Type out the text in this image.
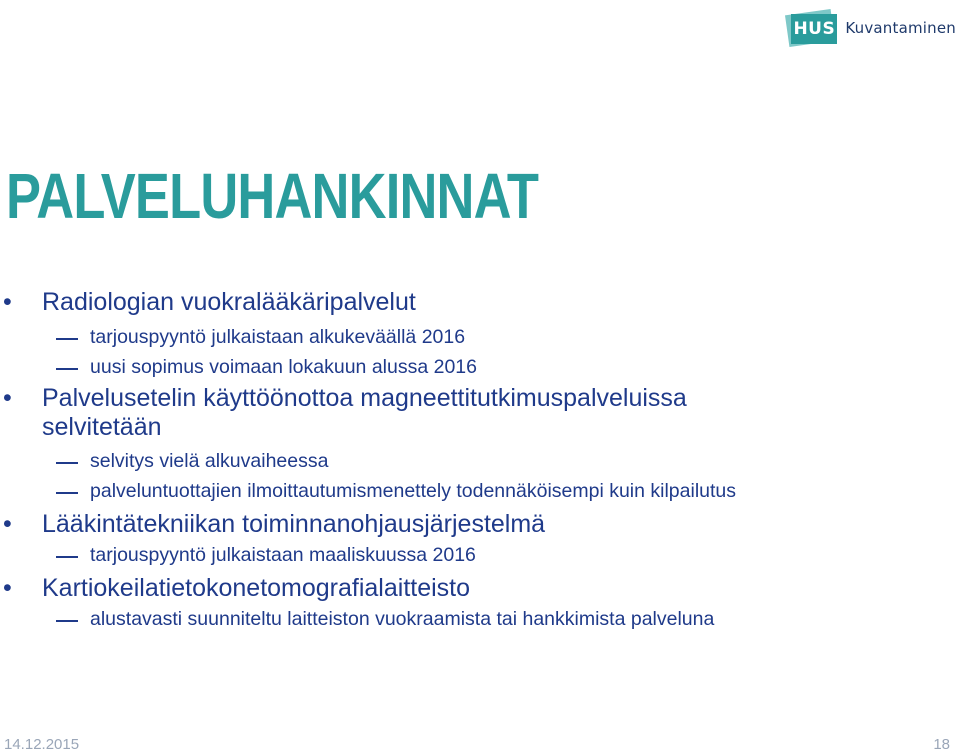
HUS Kuvantaminen
PALVELUHANKINNAT
• Radiologian vuokralääkäripalvelut
tarjouspyyntö julkaistaan alkukeväällä 2016
uusi sopimus voimaan lokakuun alussa 2016
• Palvelusetelin käyttöönottoa magneettitutkimuspalveluissa
selvitetään
selvitys vielä alkuvaiheessa
palveluntuottajien ilmoittautumismenettely todennäköisempi kuin kilpailutus
• Lääkintätekniikan toiminnanohjausjärjestelmä
tarjouspyyntö julkaistaan maaliskuussa 2016
• Kartiokeilatietokonetomografialaitteisto
alustavasti suunniteltu laitteiston vuokraamista tai hankkimista palveluna
14.12.2015	18
